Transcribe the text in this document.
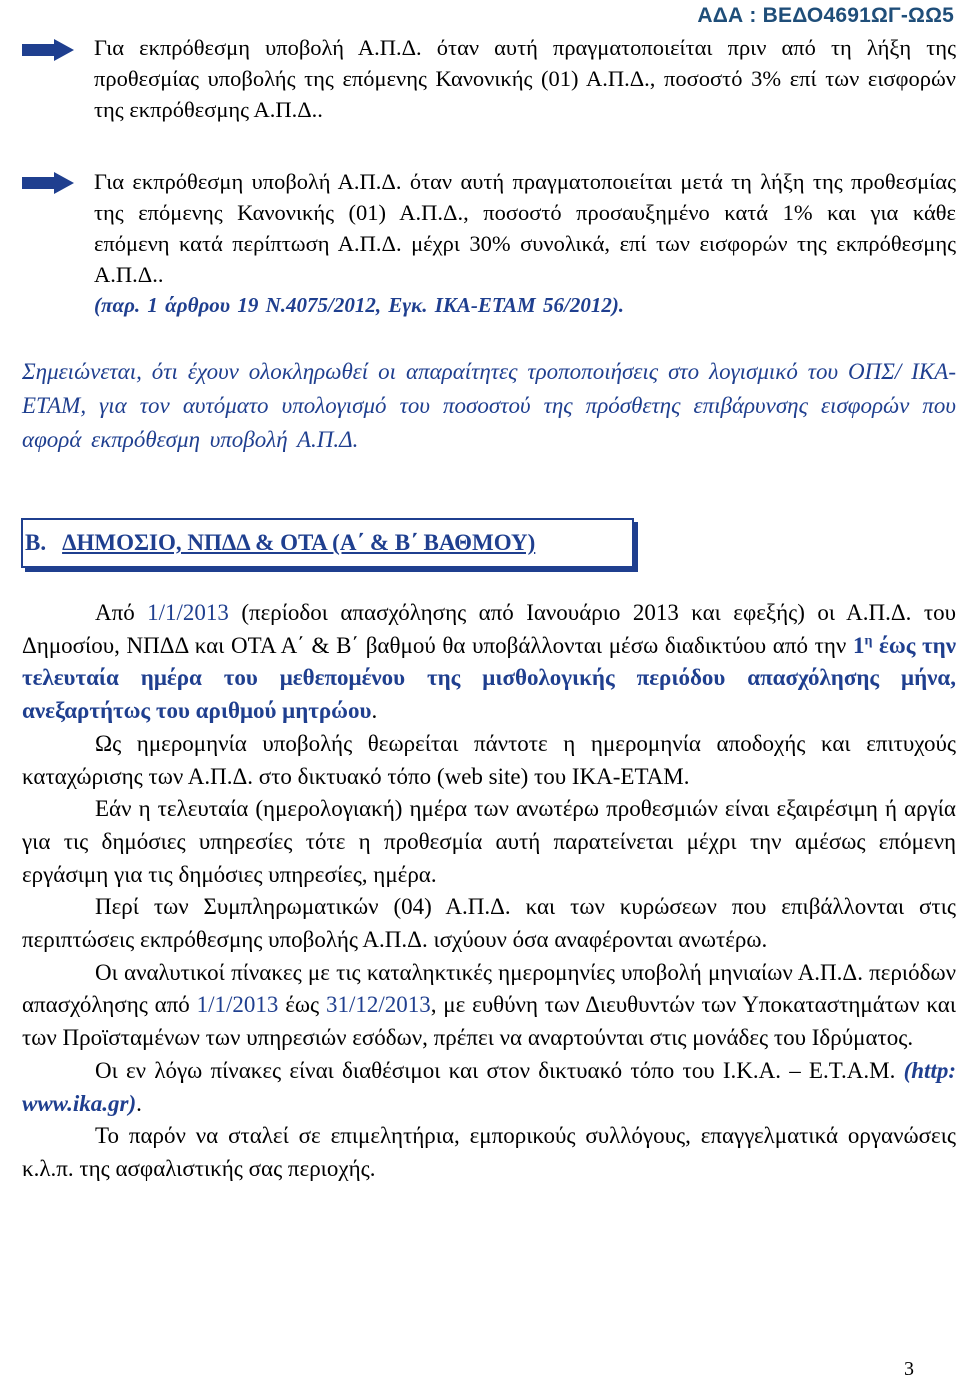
ΑΔΑ : ΒΕΔΟ4691ΩΓ-ΩΩ5
Για εκπρόθεσμη υποβολή Α.Π.Δ. όταν αυτή πραγματοποιείται πριν από τη λήξη της προθεσμίας υποβολής της επόμενης Κανονικής (01) Α.Π.Δ., ποσοστό 3% επί των εισφορών της εκπρόθεσμης Α.Π.Δ..
Για εκπρόθεσμη υποβολή Α.Π.Δ. όταν αυτή πραγματοποιείται μετά τη λήξη της προθεσμίας της επόμενης Κανονικής (01) Α.Π.Δ., ποσοστό προσαυξημένο κατά 1% και για κάθε επόμενη κατά περίπτωση Α.Π.Δ. μέχρι 30% συνολικά, επί των εισφορών της εκπρόθεσμης Α.Π.Δ..
(παρ. 1 άρθρου 19 Ν.4075/2012, Εγκ. ΙΚΑ-ΕΤΑΜ 56/2012).
Σημειώνεται, ότι έχουν ολοκληρωθεί οι απαραίτητες τροποποιήσεις στο λογισμικό του ΟΠΣ/ ΙΚΑ-ΕΤΑΜ, για τον αυτόματο υπολογισμό του ποσοστού της πρόσθετης επιβάρυνσης εισφορών που αφορά εκπρόθεσμη υποβολή Α.Π.Δ.
Β. ΔΗΜΟΣΙΟ, ΝΠΔΔ & ΟΤΑ (Α΄ & Β΄ ΒΑΘΜΟΥ)

Από 1/1/2013 (περίοδοι απασχόλησης από Ιανουάριο 2013 και εφεξής) οι Α.Π.Δ. του Δημοσίου, ΝΠΔΔ και ΟΤΑ Α΄ & Β΄ βαθμού θα υποβάλλονται μέσω διαδικτύου από την $1^\eta$ έως την τελευταία ημέρα του μεθεπομένου της μισθολογικής περιόδου απασχόλησης μήνα, ανεξαρτήτως του αριθμού μητρώου.

Ως ημερομηνία υποβολής θεωρείται πάντοτε η ημερομηνία αποδοχής και επιτυχούς καταχώρισης των Α.Π.Δ. στο δικτυακό τόπο (web site) του ΙΚΑ-ΕΤΑΜ.

Εάν η τελευταία (ημερολογιακή) ημέρα των ανωτέρω προθεσμιών είναι εξαιρέσιμη ή αργία για τις δημόσιες υπηρεσίες τότε η προθεσμία αυτή παρατείνεται μέχρι την αμέσως επόμενη εργάσιμη για τις δημόσιες υπηρεσίες, ημέρα.

Περί των Συμπληρωματικών (04) Α.Π.Δ. και των κυρώσεων που επιβάλλονται στις περιπτώσεις εκπρόθεσμης υποβολής Α.Π.Δ. ισχύουν όσα αναφέρονται ανωτέρω.

Οι αναλυτικοί πίνακες με τις καταληκτικές ημερομηνίες υποβολή μηνιαίων Α.Π.Δ. περιόδων απασχόλησης από 1/1/2013 έως 31/12/2013, με ευθύνη των Διευθυντών των Υποκαταστημάτων και των Προϊσταμένων των υπηρεσιών εσόδων, πρέπει να αναρτούνται στις μονάδες του Ιδρύματος.

Οι εν λόγω πίνακες είναι διαθέσιμοι και στον δικτυακό τόπο του Ι.Κ.Α. – Ε.Τ.Α.Μ. (http: www.ika.gr).

Το παρόν να σταλεί σε επιμελητήρια, εμπορικούς συλλόγους, επαγγελματικά οργανώσεις κ.λ.π. της ασφαλιστικής σας περιοχής.

3
